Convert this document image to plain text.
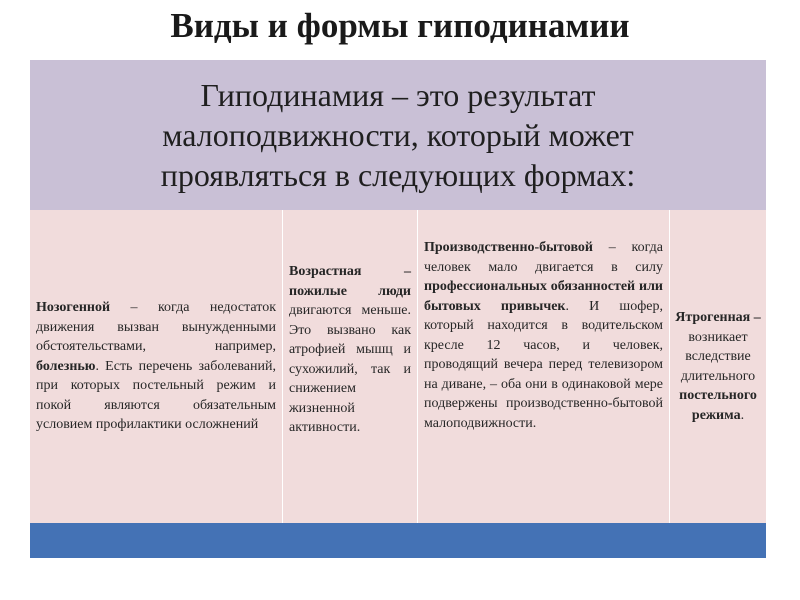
Виды и формы гиподинамии
Гиподинамия – это результат
малоподвижности, который может
проявляться в следующих формах:
Нозогенной – когда недостаток движения вызван вынужденными обстоятельствами, например, болезнью. Есть перечень заболеваний, при которых постельный режим и покой являются обязательным условием профилактики осложнений
Возрастная – пожилые люди двигаются меньше. Это вызвано как атрофией мышц и сухожилий, так и снижением жизненной активности.
Производственно-бытовой – когда человек мало двигается в силу профессиональных обязанностей или бытовых привычек. И шофер, который находится в водительском кресле 12 часов, и человек, проводящий вечера перед телевизором на диване, – оба они в одинаковой мере подвержены производственно-бытовой малоподвижности.
Ятрогенная – возникает вследствие длительного постельного режима.
